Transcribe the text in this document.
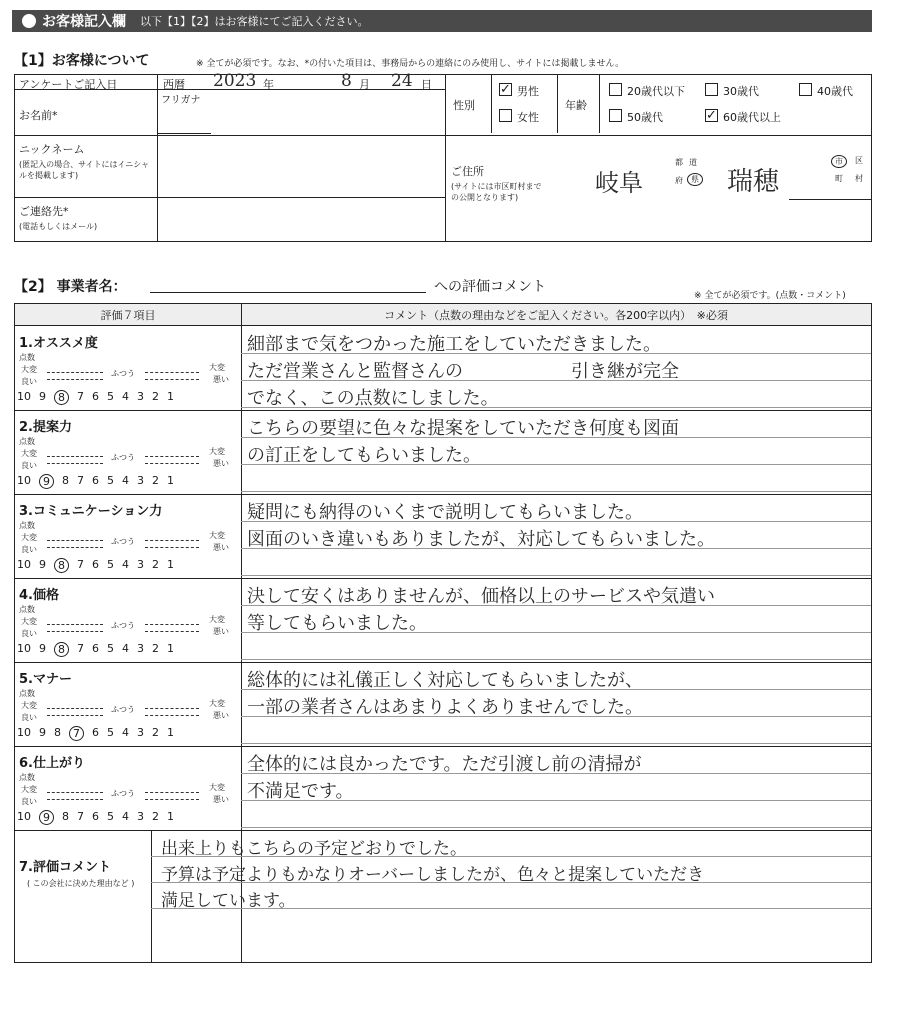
お客様記入欄 以下【1】【2】はお客様にてご記入ください。
【1】お客様について	※ 全てが必須です。なお、*の付いた項目は、事務局からの連絡にのみ使用し、サイトには掲載しません。
アンケートご記入日	西暦 2023 年	8 月 24 日
お名前*
フリガナ
ニックネーム
(匿記入の場合、サイトにはイニシャルを掲載します)
ご連絡先*
(電話もしくはメール)
性別
✓ 男性
女性
年齢
20歳代以下	30歳代	40歳代
50歳代	✓ 60歳代以上
ご住所
(サイトには市区町村までの公開となります)
岐阜
都 道
府	県 瑞穂
市	区
町 村
【2】 事業者名：	への評価コメント
※ 全てが必須です。(点数・コメント)
評価７項目	コメント（点数の理由などをご記入ください。各200字以内）　※必須
1.オススメ度
点数
大変
良い
ふつう
大変
悪い
10 9	8	7 6 5 4 3 2 1
細部まで気をつかった施工をしていただきました。
ただ営業さんと監督さんの　　　　　　引き継が完全
でなく、この点数にしました。
2.提案力
点数
大変
良い
ふつう
大変
悪い
10	9	8 7 6 5 4 3 2 1
こちらの要望に色々な提案をしていただき何度も図面
の訂正をしてもらいました。
3.コミュニケーション力
点数
大変
良い
ふつう
大変
悪い
10 9	8	7 6 5 4 3 2 1
疑問にも納得のいくまで説明してもらいました。
図面のいき違いもありましたが、対応してもらいました。
4.価格
点数
大変
良い
ふつう
大変
悪い
10 9	8	7 6 5 4 3 2 1
決して安くはありませんが、価格以上のサービスや気遣い
等してもらいました。
5.マナー
点数
大変
良い
ふつう
大変
悪い
10 9 8	7	6 5 4 3 2 1
総体的には礼儀正しく対応してもらいましたが、
一部の業者さんはあまりよくありませんでした。
6.仕上がり
点数
大変
良い
ふつう
大変
悪い
10	9	8 7 6 5 4 3 2 1
全体的には良かったです。ただ引渡し前の清掃が
不満足です。
7.評価コメント
( この会社に決めた理由など )
出来上りもこちらの予定どおりでした。
予算は予定よりもかなりオーバーしましたが、色々と提案していただき
満足しています。
